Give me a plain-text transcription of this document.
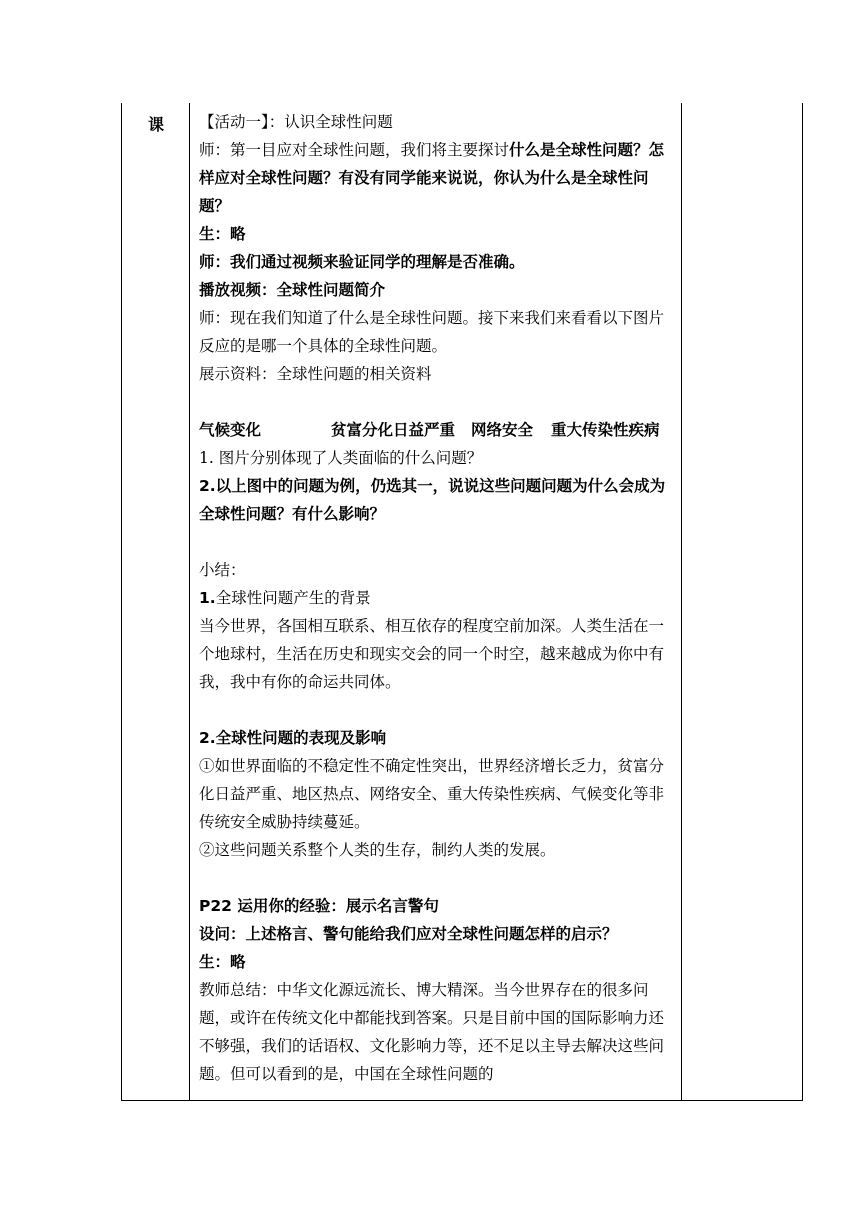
课 【活动一】：认识全球性问题

师：第一目应对全球性问题，我们将主要探讨什么是全球性问题？怎样应对全球性问题？有没有同学能来说说，你认为什么是全球性问题？

生：略

师：我们通过视频来验证同学的理解是否准确。

播放视频：全球性问题简介

师：现在我们知道了什么是全球性问题。接下来我们来看看以下图片反应的是哪一个具体的全球性问题。

展示资料：全球性问题的相关资料

气候变化	贫富分化日益严重 网络安全 重大传染性疾病

1. 图片分别体现了人类面临的什么问题？

2.以上图中的问题为例，仍选其一，说说这些问题问题为什么会成为全球性问题？有什么影响？

小结：

1.全球性问题产生的背景

当今世界，各国相互联系、相互依存的程度空前加深。人类生活在一个地球村，生活在历史和现实交会的同一个时空，越来越成为你中有我，我中有你的命运共同体。

2.全球性问题的表现及影响

①如世界面临的不稳定性不确定性突出，世界经济增长乏力，贫富分化日益严重、地区热点、网络安全、重大传染性疾病、气候变化等非传统安全威胁持续蔓延。

②这些问题关系整个人类的生存，制约人类的发展。

P22 运用你的经验：展示名言警句

设问：上述格言、警句能给我们应对全球性问题怎样的启示？

生：略

教师总结：中华文化源远流长、博大精深。当今世界存在的很多问题，或许在传统文化中都能找到答案。只是目前中国的国际影响力还不够强，我们的话语权、文化影响力等，还不足以主导去解决这些问题。但可以看到的是，中国在全球性问题的
